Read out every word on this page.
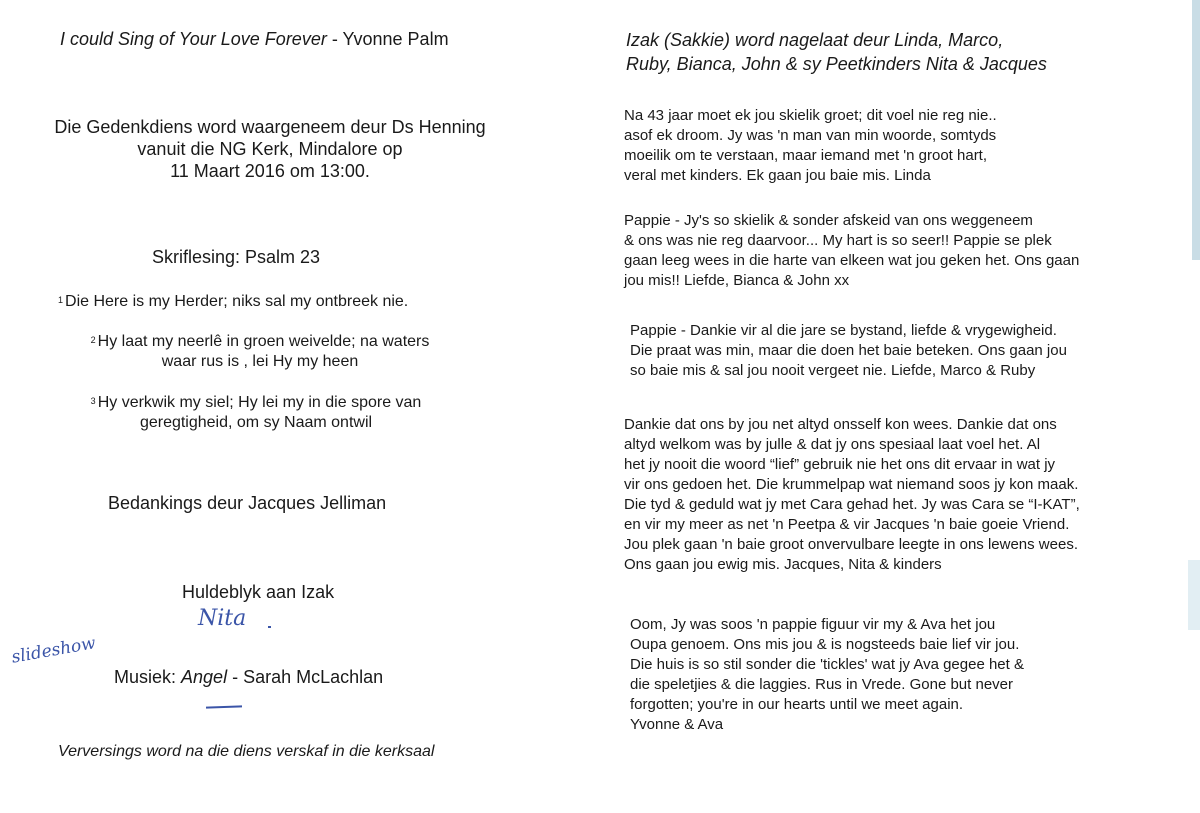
I could Sing of Your Love Forever - Yvonne Palm
Die Gedenkdiens word waargeneem deur Ds Henning
vanuit die NG Kerk, Mindalore op
11 Maart 2016 om 13:00.
Skriflesing: Psalm 23
$^1$ Die Here is my Herder; niks sal my ontbreek nie.
$^2$ Hy laat my neerlê in groen weivelde; na waters
waar rus is , lei Hy my heen
$^3$ Hy verkwik my siel; Hy lei my in die spore van
geregtigheid, om sy Naam ontwil
Bedankings deur Jacques Jelliman
Huldeblyk aan Izak
Nita
slideshow
Musiek: Angel - Sarah McLachlan
Verversings word na die diens verskaf in die kerksaal
Izak (Sakkie) word nagelaat deur Linda, Marco,
Ruby, Bianca, John & sy Peetkinders Nita & Jacques
Na 43 jaar moet ek jou skielik groet; dit voel nie reg nie..
asof ek droom. Jy was 'n man van min woorde, somtyds
moeilik om te verstaan, maar iemand met 'n groot hart,
veral met kinders. Ek gaan jou baie mis. Linda
Pappie - Jy's so skielik & sonder afskeid van ons weggeneem
& ons was nie reg daarvoor... My hart is so seer!! Pappie se plek
gaan leeg wees in die harte van elkeen wat jou geken het. Ons gaan
jou mis!! Liefde, Bianca & John xx
Pappie - Dankie vir al die jare se bystand, liefde & vrygewigheid.
Die praat was min, maar die doen het baie beteken. Ons gaan jou
so baie mis & sal jou nooit vergeet nie. Liefde, Marco & Ruby
Dankie dat ons by jou net altyd onsself kon wees. Dankie dat ons
altyd welkom was by julle & dat jy ons spesiaal laat voel het. Al
het jy nooit die woord “lief” gebruik nie het ons dit ervaar in wat jy
vir ons gedoen het. Die krummelpap wat niemand soos jy kon maak.
Die tyd & geduld wat jy met Cara gehad het. Jy was Cara se “I-KAT”,
en vir my meer as net 'n Peetpa & vir Jacques 'n baie goeie Vriend.
Jou plek gaan 'n baie groot onvervulbare leegte in ons lewens wees.
Ons gaan jou ewig mis. Jacques, Nita & kinders
Oom, Jy was soos 'n pappie figuur vir my & Ava het jou
Oupa genoem. Ons mis jou & is nogsteeds baie lief vir jou.
Die huis is so stil sonder die 'tickles' wat jy Ava gegee het &
die speletjies & die laggies. Rus in Vrede. Gone but never
forgotten; you're in our hearts until we meet again.
Yvonne & Ava
